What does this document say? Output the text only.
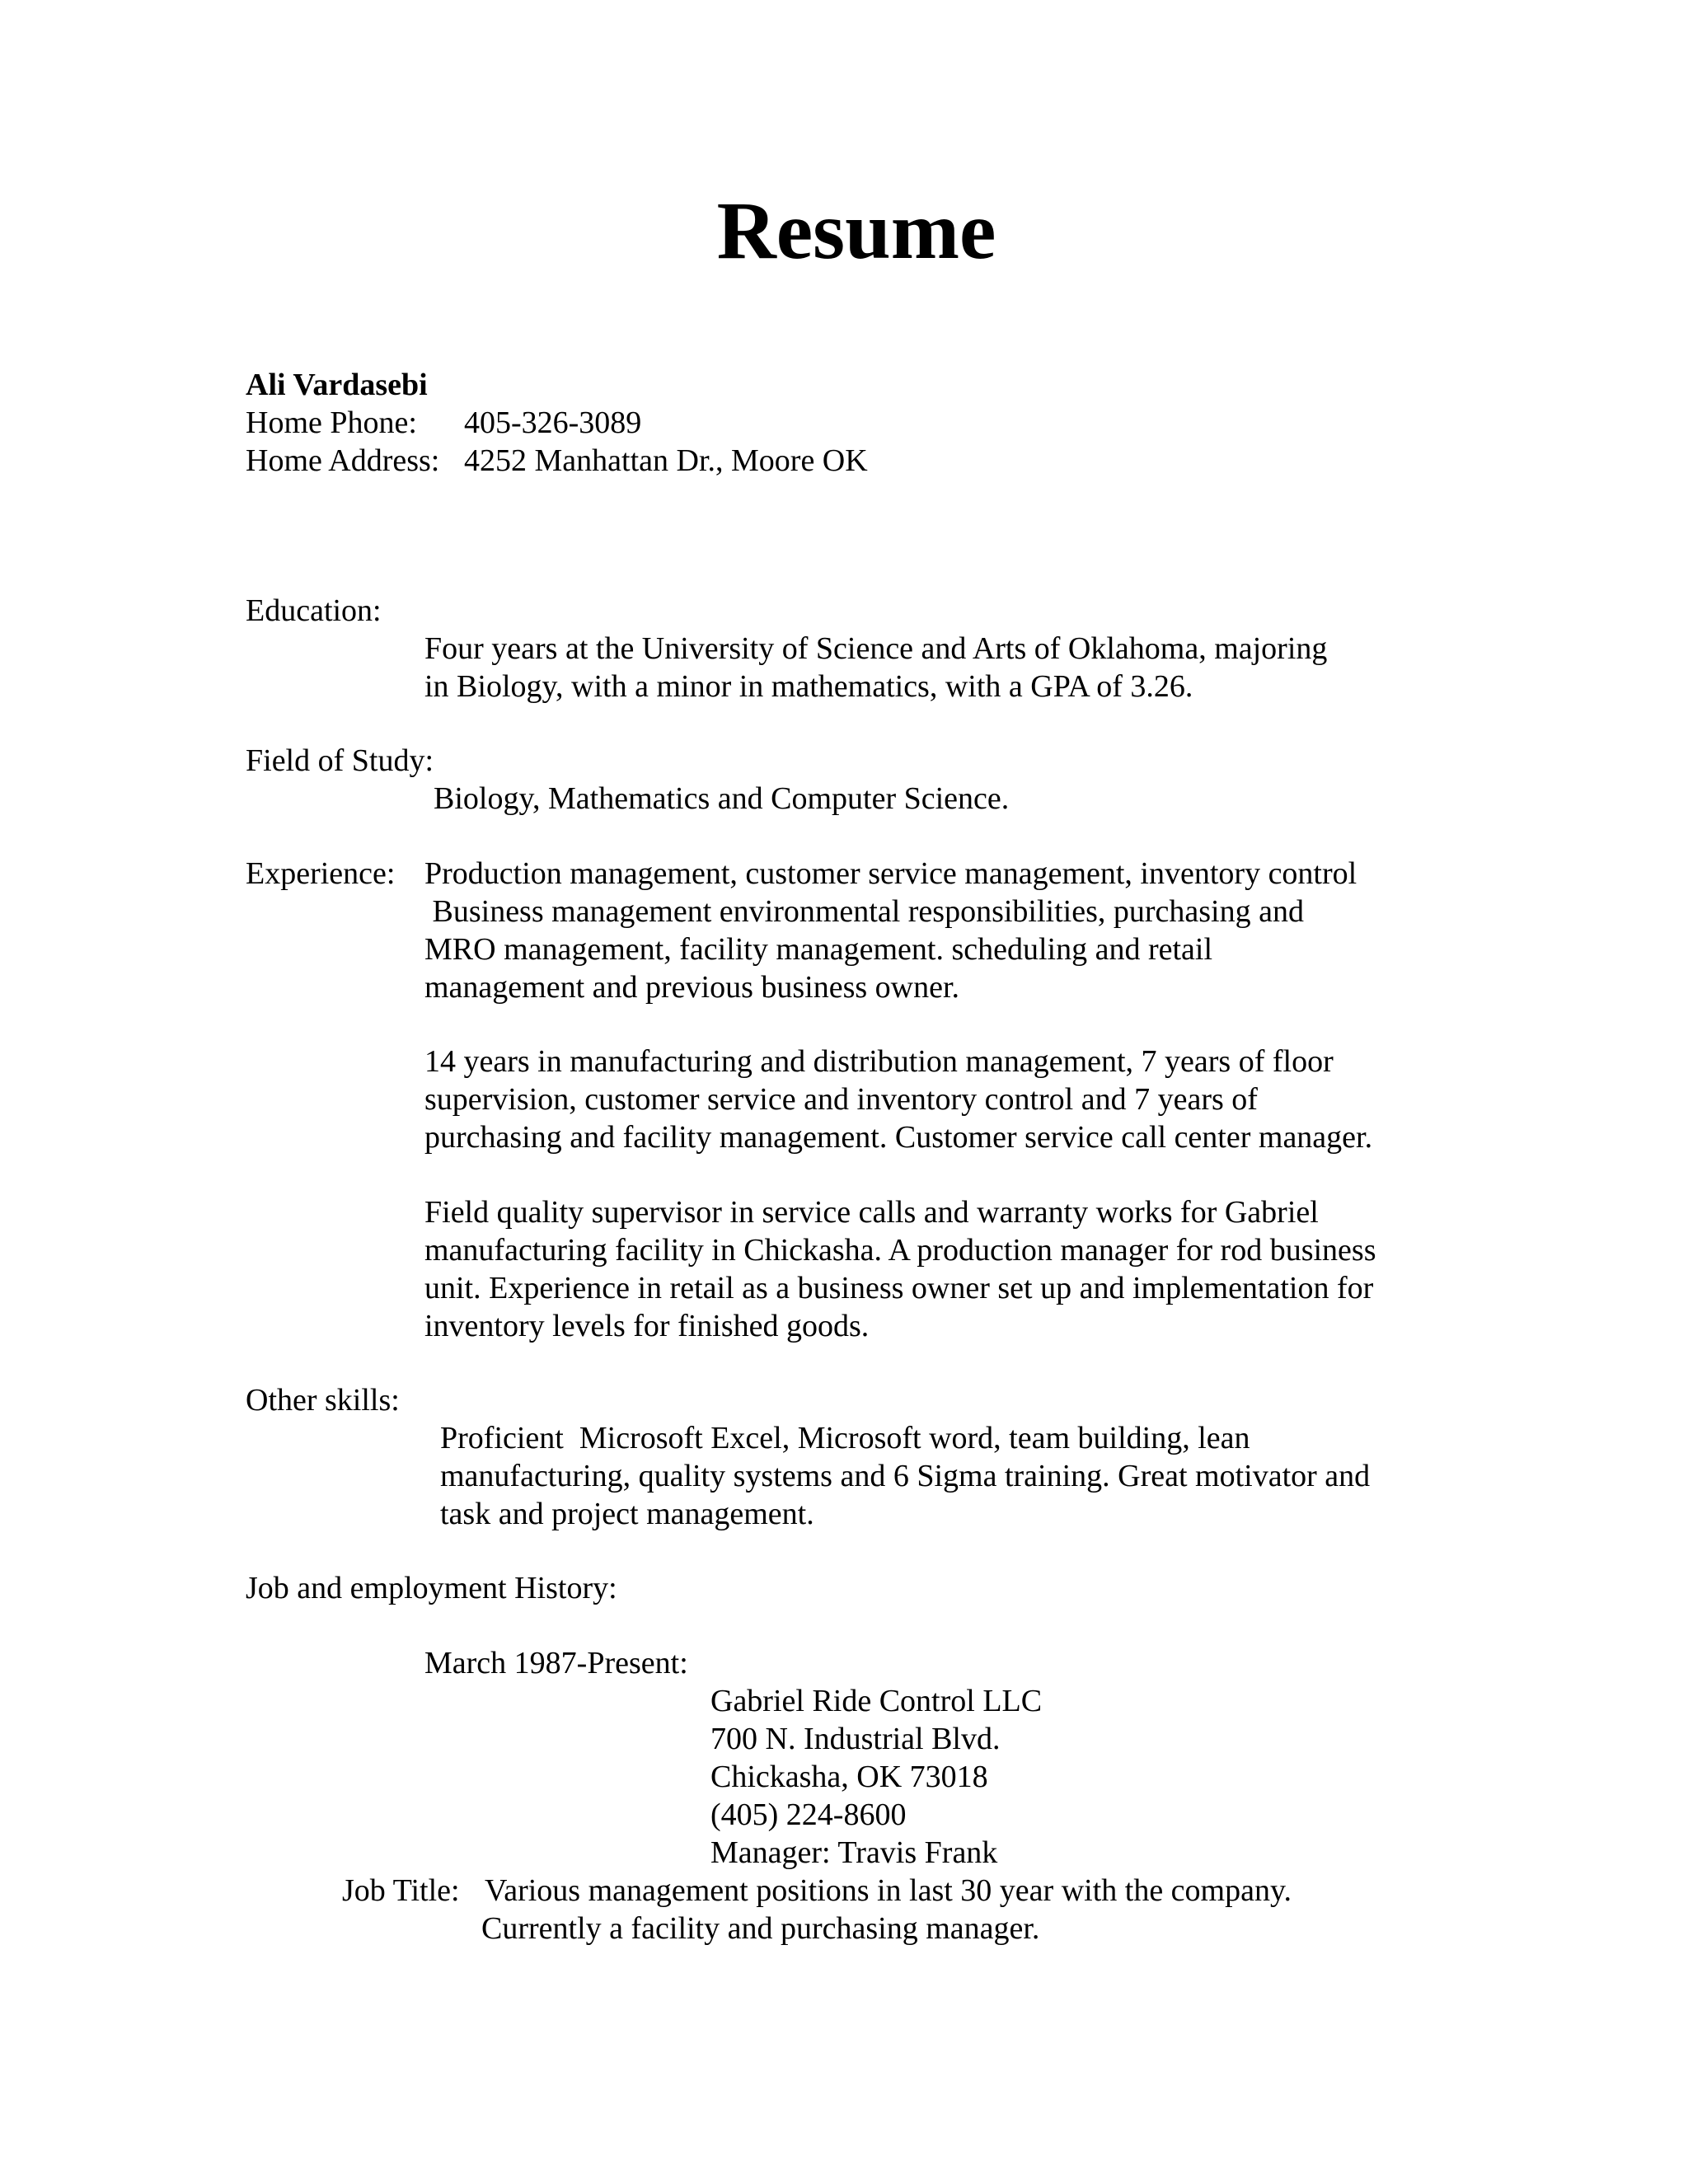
Resume
Ali Vardasebi
Home Phone: 405-326-3089
Home Address: 4252 Manhattan Dr., Moore OK
Education:
Four years at the University of Science and Arts of Oklahoma, majoring
in Biology, with a minor in mathematics, with a GPA of 3.26.
Field of Study:
Biology, Mathematics and Computer Science.
Experience: Production management, customer service management, inventory control
Business management environmental responsibilities, purchasing and
MRO management, facility management. scheduling and retail
management and previous business owner.
14 years in manufacturing and distribution management, 7 years of floor
supervision, customer service and inventory control and 7 years of
purchasing and facility management. Customer service call center manager.
Field quality supervisor in service calls and warranty works for Gabriel
manufacturing facility in Chickasha. A production manager for rod business
unit. Experience in retail as a business owner set up and implementation for
inventory levels for finished goods.
Other skills:
Proficient  Microsoft Excel, Microsoft word, team building, lean
manufacturing, quality systems and 6 Sigma training. Great motivator and
task and project management.
Job and employment History:
March 1987-Present:
Gabriel Ride Control LLC
700 N. Industrial Blvd.
Chickasha, OK 73018
(405) 224-8600
Manager: Travis Frank
Job Title: Various management positions in last 30 year with the company.
Currently a facility and purchasing manager.
